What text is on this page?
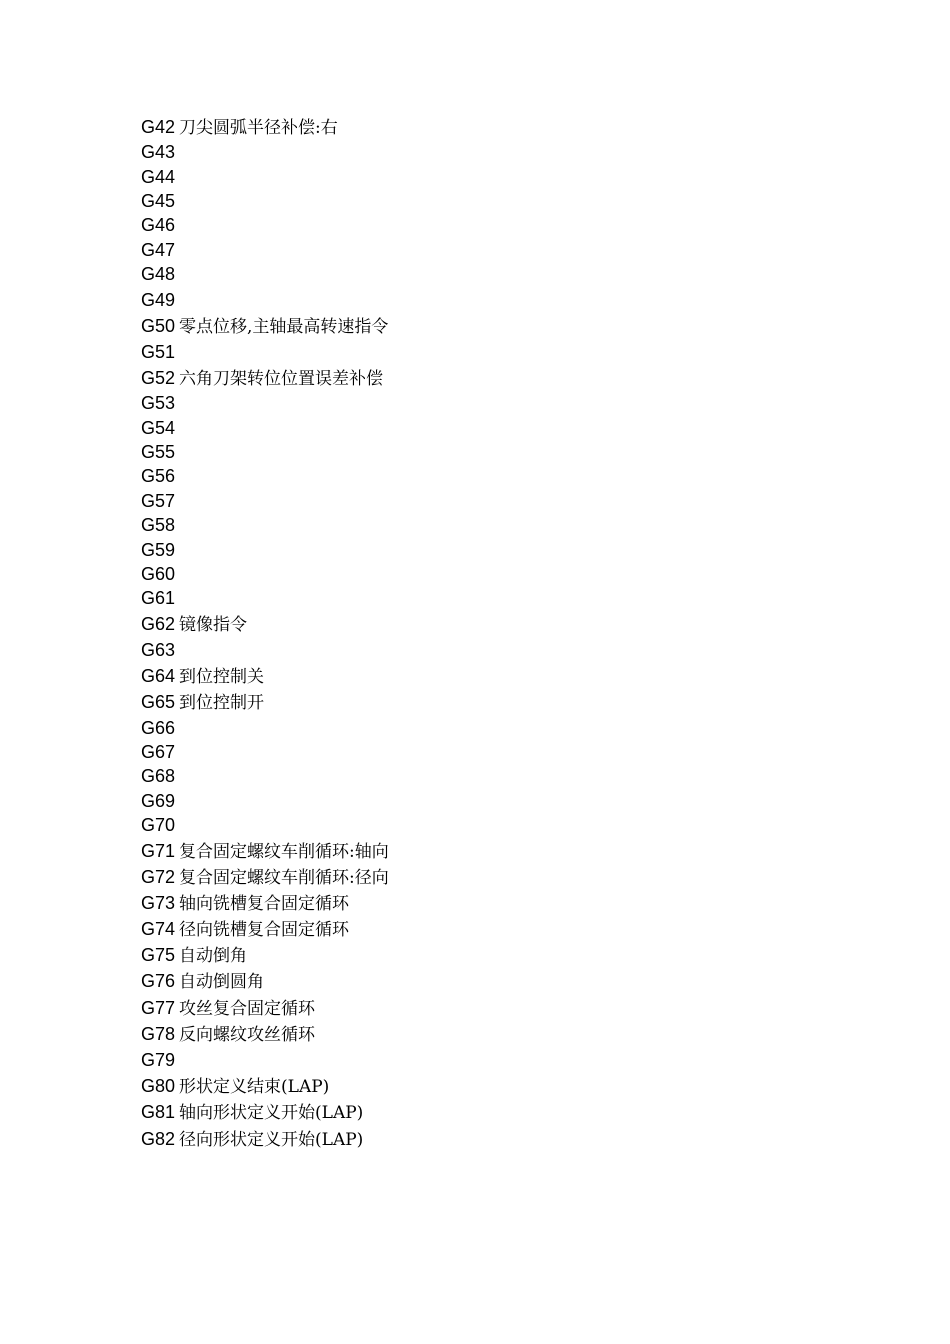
G42 刀尖圆弧半径补偿:右
G43
G44
G45
G46
G47
G48
G49
G50 零点位移,主轴最高转速指令
G51
G52 六角刀架转位位置误差补偿
G53
G54
G55
G56
G57
G58
G59
G60
G61
G62 镜像指令
G63
G64 到位控制关
G65 到位控制开
G66
G67
G68
G69
G70
G71 复合固定螺纹车削循环:轴向
G72 复合固定螺纹车削循环:径向
G73 轴向铣槽复合固定循环
G74 径向铣槽复合固定循环
G75 自动倒角
G76 自动倒圆角
G77 攻丝复合固定循环
G78 反向螺纹攻丝循环
G79
G80 形状定义结束(LAP)
G81 轴向形状定义开始(LAP)
G82 径向形状定义开始(LAP)
